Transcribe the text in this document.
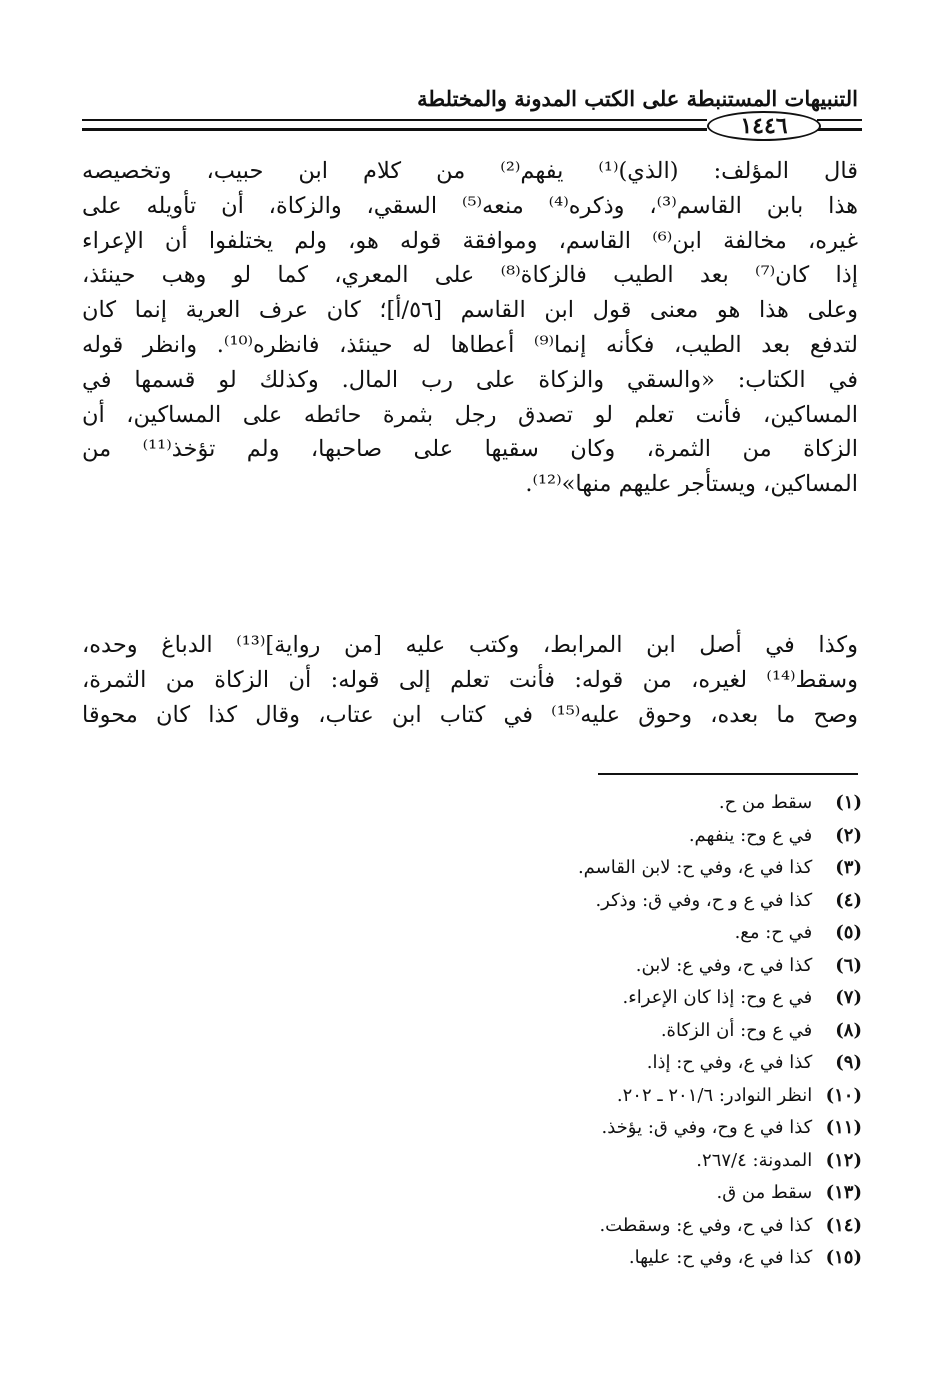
التنبيهات المستنبطة على الكتب المدونة والمختلطة
١٤٤٦
قال المؤلف: (الذي)⁽¹⁾ يفهم⁽²⁾ من كلام ابن حبيب، وتخصيصه
هذا بابن القاسم⁽³⁾، وذكره⁽⁴⁾ منعه⁽⁵⁾ السقي، والزكاة، أن تأويله على
غيره، مخالفة ابن⁽⁶⁾ القاسم، وموافقة قوله هو، ولم يختلفوا أن الإعراء
إذا كان⁽⁷⁾ بعد الطيب فالزكاة⁽⁸⁾ على المعري، كما لو وهب حينئذ،
وعلى هذا هو معنى قول ابن القاسم [٥٦/أ]؛ كان عرف العرية إنما كان
لتدفع بعد الطيب، فكأنه إنما⁽⁹⁾ أعطاها له حينئذ، فانظره⁽¹⁰⁾. وانظر قوله
في الكتاب: «والسقي والزكاة على رب المال. وكذلك لو قسمها في
المساكين، فأنت تعلم لو تصدق رجل بثمرة حائطه على المساكين، أن
الزكاة من الثمرة، وكان سقيها على صاحبها، ولم تؤخذ⁽¹¹⁾ من
المساكين، ويستأجر عليهم منها»⁽¹²⁾.
وكذا في أصل ابن المرابط، وكتب عليه [من رواية]⁽¹³⁾ الدباغ وحده،
وسقط⁽¹⁴⁾ لغيره، من قوله: فأنت تعلم إلى قوله: أن الزكاة من الثمرة،
وصح ما بعده، وحوق عليه⁽¹⁵⁾ في كتاب ابن عتاب، وقال كذا كان محوقا
(١) سقط من ح.
(٢) في ع وح: ينفهم.
(٣) كذا في ع، وفي ح: لابن القاسم.
(٤) كذا في ع و ح، وفي ق: وذكر.
(٥) في ح: مع.
(٦) كذا في ح، وفي ع: لابن.
(٧) في ع وح: إذا كان الإعراء.
(٨) في ع وح: أن الزكاة.
(٩) كذا في ع، وفي ح: إذا.
(١٠) انظر النوادر: ٢٠١/٦ ـ ٢٠٢.
(١١) كذا في ع وح، وفي ق: يؤخذ.
(١٢) المدونة: ٢٦٧/٤.
(١٣) سقط من ق.
(١٤) كذا في ح، وفي ع: وسقطت.
(١٥) كذا في ع، وفي ح: عليها.
